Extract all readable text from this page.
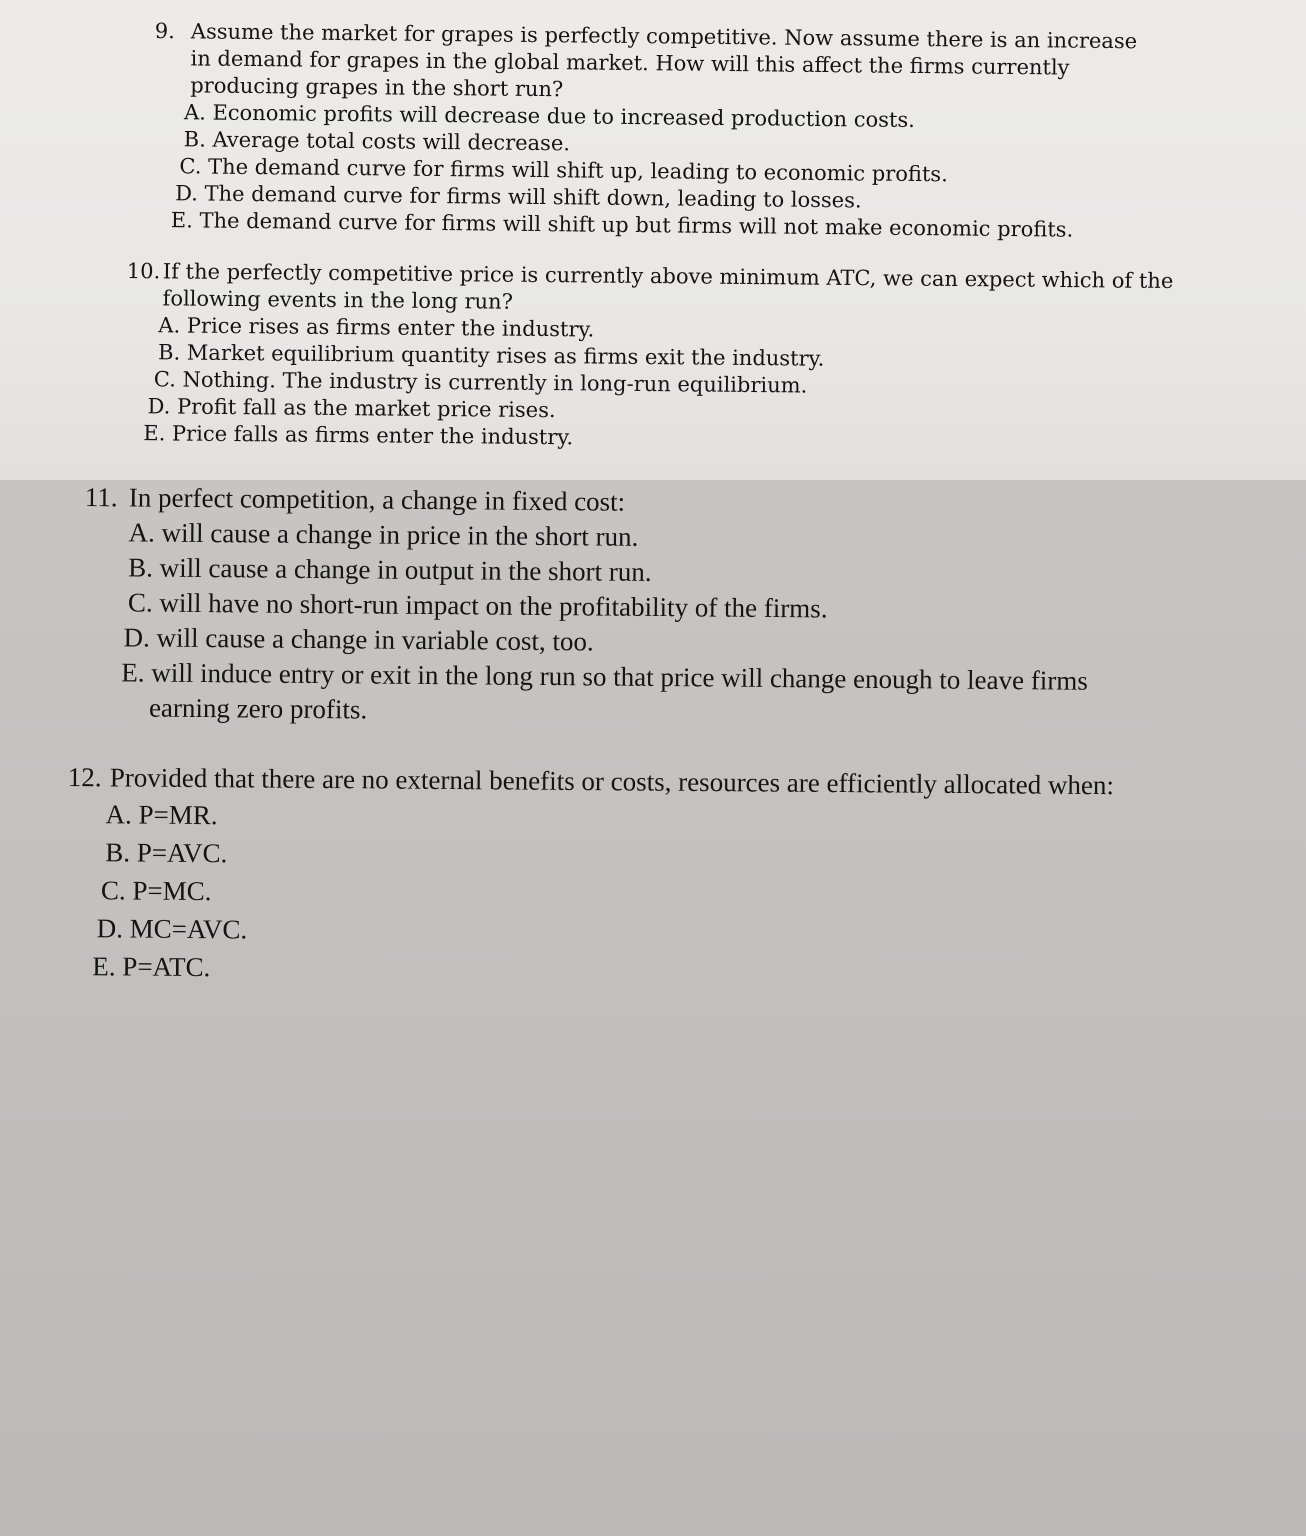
9. Assume the market for grapes is perfectly competitive. Now assume there is an increase in demand for grapes in the global market. How will this affect the firms currently producing grapes in the short run?

A. Economic profits will decrease due to increased production costs.

B. Average total costs will decrease.

C. The demand curve for firms will shift up, leading to economic profits.

D. The demand curve for firms will shift down, leading to losses.

E. The demand curve for firms will shift up but firms will not make economic profits.

10. If the perfectly competitive price is currently above minimum ATC, we can expect which of the following events in the long run?

A. Price rises as firms enter the industry.

B. Market equilibrium quantity rises as firms exit the industry.

C. Nothing. The industry is currently in long-run equilibrium.

D. Profit fall as the market price rises.

E. Price falls as firms enter the industry.

11. In perfect competition, a change in fixed cost:

A. will cause a change in price in the short run.

B. will cause a change in output in the short run.

C. will have no short-run impact on the profitability of the firms.

D. will cause a change in variable cost, too.

E. will induce entry or exit in the long run so that price will change enough to leave firms
earning zero profits.

12. Provided that there are no external benefits or costs, resources are efficiently allocated when:

A. P=MR.

B. P=AVC.

C. P=MC.

D. MC=AVC.

E. P=ATC.
